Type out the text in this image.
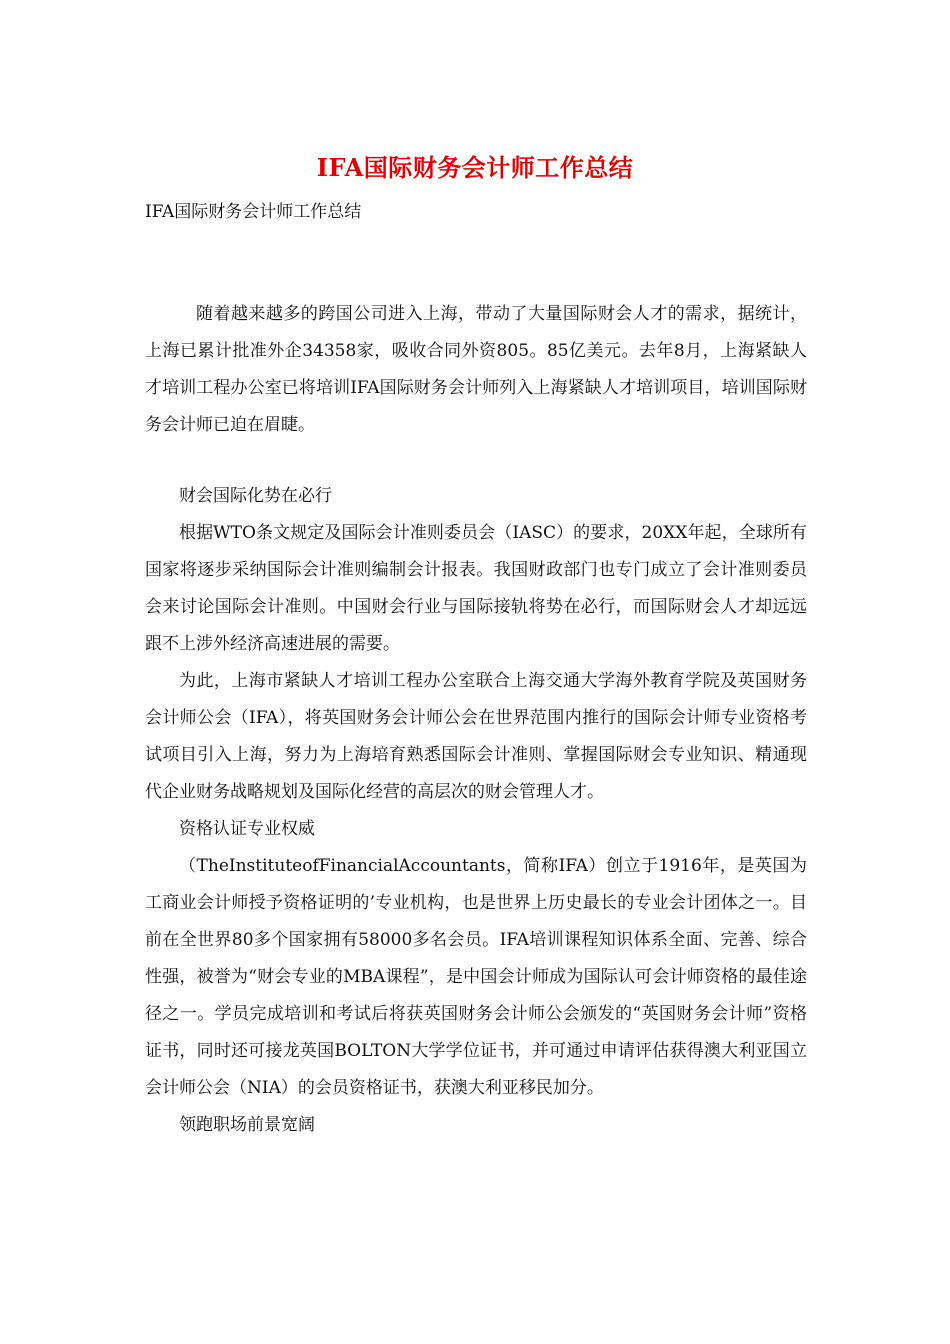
IFA国际财务会计师工作总结
IFA国际财务会计师工作总结

随着越来越多的跨国公司进入上海，带动了大量国际财会人才的需求，据统计，上海已累计批准外企34358家，吸收合同外资805。85亿美元。去年8月，上海紧缺人才培训工程办公室已将培训IFA国际财务会计师列入上海紧缺人才培训项目，培训国际财务会计师已迫在眉睫。

财会国际化势在必行

根据WTO条文规定及国际会计准则委员会（IASC）的要求，20XX年起，全球所有国家将逐步采纳国际会计准则编制会计报表。我国财政部门也专门成立了会计准则委员会来讨论国际会计准则。中国财会行业与国际接轨将势在必行，而国际财会人才却远远跟不上涉外经济高速进展的需要。

为此，上海市紧缺人才培训工程办公室联合上海交通大学海外教育学院及英国财务会计师公会（IFA），将英国财务会计师公会在世界范围内推行的国际会计师专业资格考试项目引入上海，努力为上海培育熟悉国际会计准则、掌握国际财会专业知识、精通现代企业财务战略规划及国际化经营的高层次的财会管理人才。

资格认证专业权威

（TheInstituteofFinancialAccountants，简称IFA）创立于1916年，是英国为工商业会计师授予资格证明的’专业机构，也是世界上历史最长的专业会计团体之一。目前在全世界80多个国家拥有58000多名会员。IFA培训课程知识体系全面、完善、综合性强，被誉为“财会专业的MBA课程”，是中国会计师成为国际认可会计师资格的最佳途径之一。学员完成培训和考试后将获英国财务会计师公会颁发的“英国财务会计师”资格证书，同时还可接龙英国BOLTON大学学位证书，并可通过申请评估获得澳大利亚国立会计师公会（NIA）的会员资格证书，获澳大利亚移民加分。

领跑职场前景宽阔
